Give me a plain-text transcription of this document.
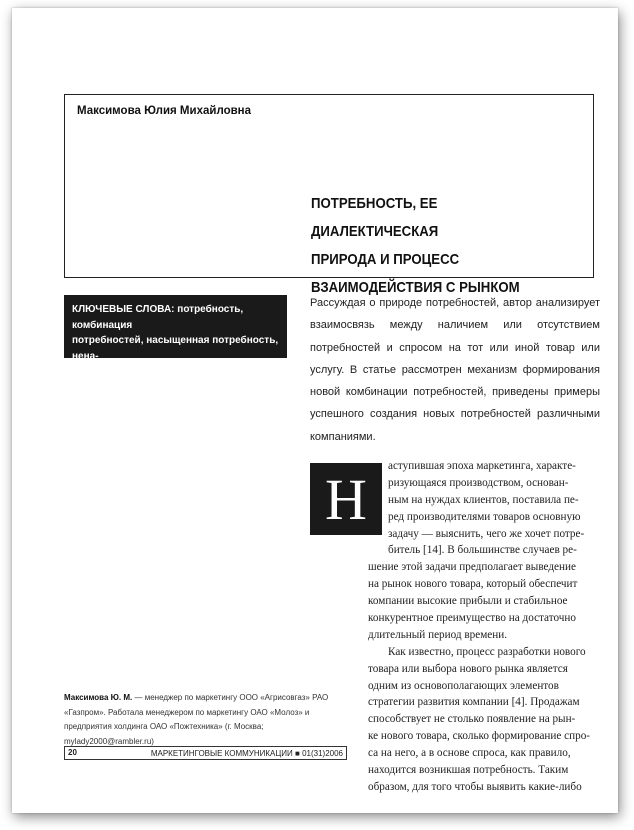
Максимова Юлия Михайловна
ПОТРЕБНОСТЬ, ЕЕ ДИАЛЕКТИЧЕСКАЯ
ПРИРОДА И ПРОЦЕСС
ВЗАИМОДЕЙСТВИЯ С РЫНКОМ
КЛЮЧЕВЫЕ СЛОВА: потребность, комбинация
потребностей, насыщенная потребность, нена-
сыщенная потребность, формирование спроса
Рассуждая о природе потребностей, автор анализирует взаимосвязь между наличием или отсутствием потребностей и спросом на тот или иной товар или услугу. В статье рассмотрен механизм формирования новой комбинации потребностей, приведены примеры успешного создания новых потребностей различными компаниями.
Н
аступившая эпоха маркетинга, характе-
ризующаяся производством, основан-
ным на нуждах клиентов, поставила пе-
ред производителями товаров основную
задачу — выяснить, чего же хочет потре-
битель [14]. В большинстве случаев ре-
шение этой задачи предполагает выведение
на рынок нового товара, который обеспечит
компании высокие прибыли и стабильное
конкурентное преимущество на достаточно
длительный период времени.
Как известно, процесс разработки нового
товара или выбора нового рынка является
одним из основополагающих элементов
стратегии развития компании [4]. Продажам
способствует не столько появление на рын-
ке нового товара, сколько формирование спро-
са на него, а в основе спроса, как правило,
находится возникшая потребность. Таким
образом, для того чтобы выявить какие-либо
Максимова Ю. М. — менеджер по маркетингу ООО «Агрисовгаз» РАО «Газпром». Работала менеджером по маркетингу ОАО «Молоз» и предприятия холдинга ОАО «Пожтехника» (г. Москва; mylady2000@rambler.ru)
20	МАРКЕТИНГОВЫЕ КОММУНИКАЦИИ ■ 01(31)2006
